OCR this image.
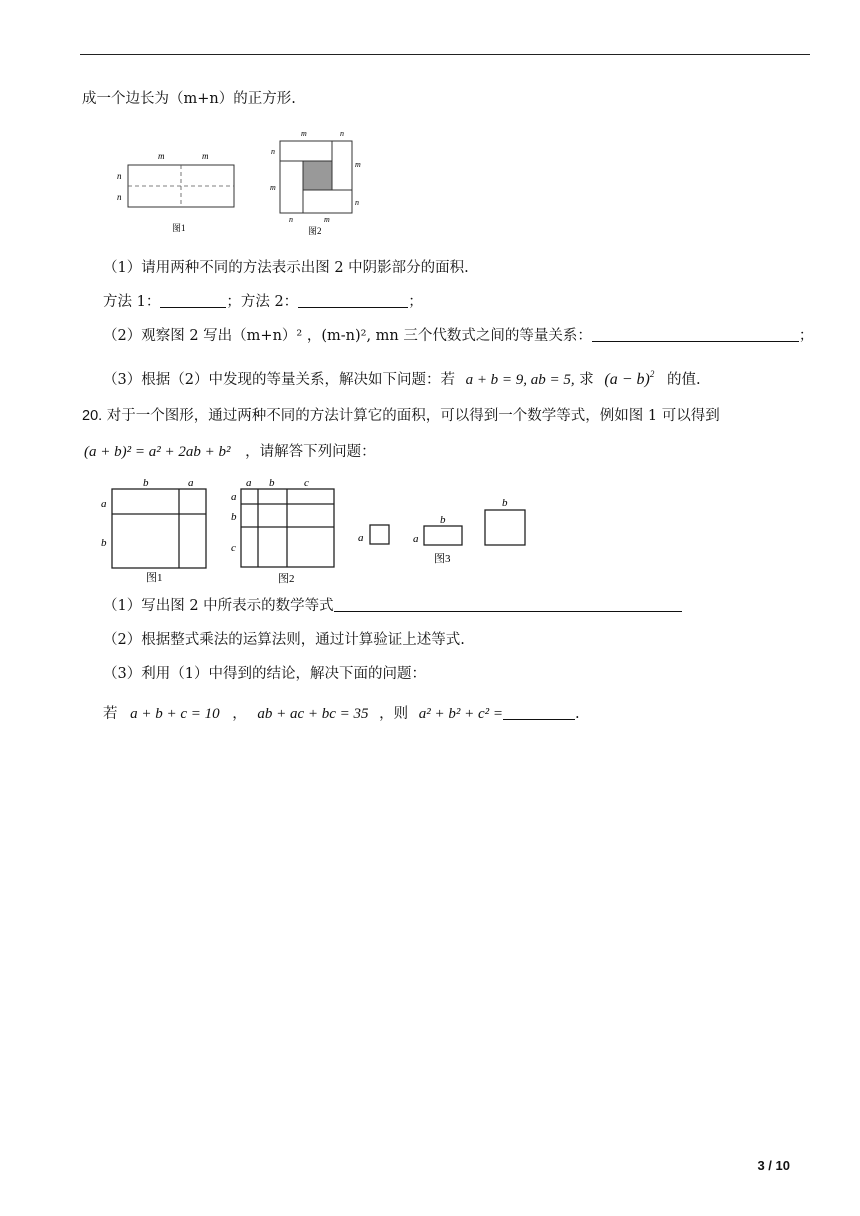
成一个边长为（m+n）的正方形.
m	m
n
n
图1
m	n
n
m
m
n
n	m
图2
（1）请用两种不同的方法表示出图 2 中阴影部分的面积.
方法 1：	；方法 2：	；
（2）观察图 2 写出（m+n）² ，(m-n)², mn 三个代数式之间的等量关系：	；
（3）根据（2）中发现的等量关系，解决如下问题：若 a + b = 9, ab = 5, 求 $(a - b)^2$ 的值.
20. 对于一个图形，通过两种不同的方法计算它的面积，可以得到一个数学等式，例如图 1 可以得到
(a + b)² = a² + 2ab + b² ，请解答下列问题：
b	a
a
b
图1
a b	c
a
b
c
图2
a	a
b
图3
b
（1）写出图 2 中所表示的数学等式
（2）根据整式乘法的运算法则，通过计算验证上述等式.
（3）利用（1）中得到的结论，解决下面的问题：
若 a + b + c = 10 ， ab + ac + bc = 35 ，则 a² + b² + c² =	.
3 / 10
